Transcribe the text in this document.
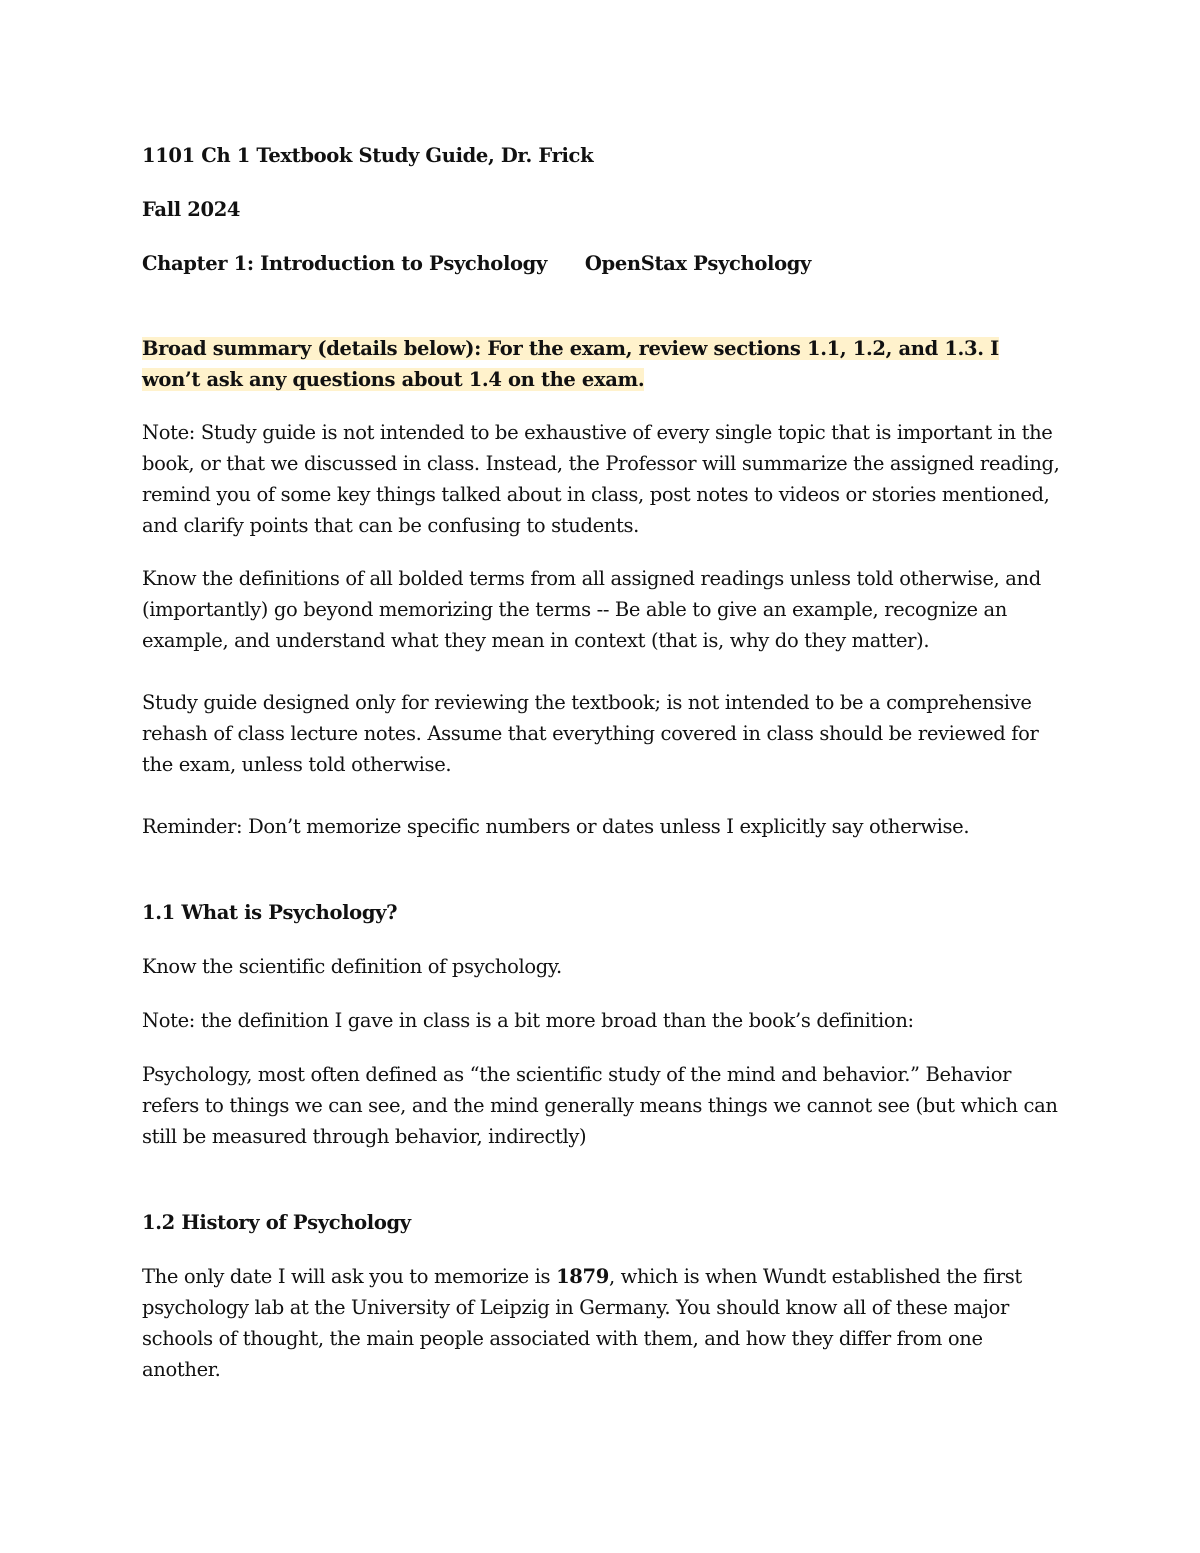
1101 Ch 1 Textbook Study Guide, Dr. Frick

Fall 2024

Chapter 1: Introduction to Psychology OpenStax Psychology

Broad summary (details below): For the exam, review sections 1.1, 1.2, and 1.3. I won’t ask any questions about 1.4 on the exam.

Note: Study guide is not intended to be exhaustive of every single topic that is important in the book, or that we discussed in class. Instead, the Professor will summarize the assigned reading, remind you of some key things talked about in class, post notes to videos or stories mentioned, and clarify points that can be confusing to students.

Know the definitions of all bolded terms from all assigned readings unless told otherwise, and (importantly) go beyond memorizing the terms -- Be able to give an example, recognize an example, and understand what they mean in context (that is, why do they matter).

Study guide designed only for reviewing the textbook; is not intended to be a comprehensive rehash of class lecture notes. Assume that everything covered in class should be reviewed for the exam, unless told otherwise.

Reminder: Don’t memorize specific numbers or dates unless I explicitly say otherwise.

1.1 What is Psychology?

Know the scientific definition of psychology.

Note: the definition I gave in class is a bit more broad than the book’s definition:

Psychology, most often defined as “the scientific study of the mind and behavior.” Behavior refers to things we can see, and the mind generally means things we cannot see (but which can still be measured through behavior, indirectly)

1.2 History of Psychology

The only date I will ask you to memorize is 1879, which is when Wundt established the first psychology lab at the University of Leipzig in Germany. You should know all of these major schools of thought, the main people associated with them, and how they differ from one another.
